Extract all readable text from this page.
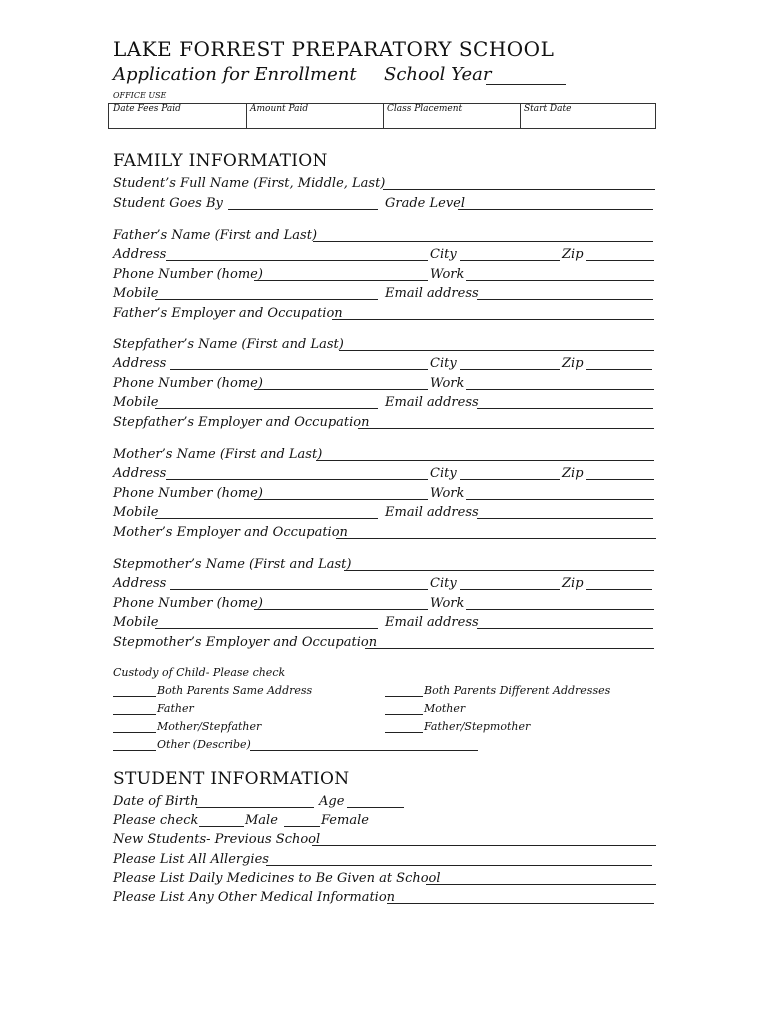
LAKE FORREST PREPARATORY SCHOOL
Application for Enrollment School Year
OFFICE USE
Date Fees Paid	Amount Paid	Class Placement	Start Date
FAMILY INFORMATION
Student’s Full Name (First, Middle, Last)
Student Goes By	Grade Level
Father’s Name (First and Last)
Address	City	Zip
Phone Number (home)	Work
Mobile	Email address
Father’s Employer and Occupation
Stepfather’s Name (First and Last)
Address	City	Zip
Phone Number (home)	Work
Mobile	Email address
Stepfather’s Employer and Occupation
Mother’s Name (First and Last)
Address	City	Zip
Phone Number (home)	Work
Mobile	Email address
Mother’s Employer and Occupation
Stepmother’s Name (First and Last)
Address	City	Zip
Phone Number (home)	Work
Mobile	Email address
Stepmother’s Employer and Occupation
Custody of Child- Please check
Both Parents Same Address	Both Parents Different Addresses
Father	Mother
Mother/Stepfather	Father/Stepmother
Other (Describe)
STUDENT INFORMATION
Date of Birth	Age
Please check	Male	Female
New Students- Previous School
Please List All Allergies
Please List Daily Medicines to Be Given at School
Please List Any Other Medical Information
